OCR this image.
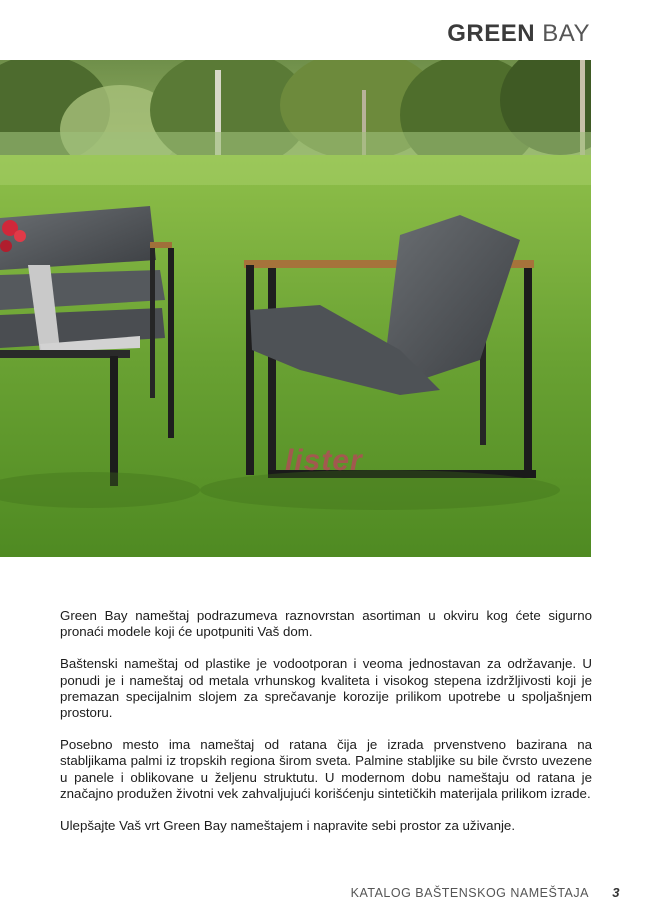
GREEN BAY
lister

Green Bay nameštaj podrazumeva raznovrstan asortiman u okviru kog ćete sigurno pronaći modele koji će upotpuniti Vaš dom.

Baštenski nameštaj od plastike je vodootporan i veoma jednostavan za održavanje. U ponudi je i nameštaj od metala vrhunskog kvaliteta i visokog stepena izdržljivosti koji je premazan specijalnim slojem za sprečavanje korozije prilikom upotrebe u spoljašnjem prostoru.

Posebno mesto ima nameštaj od ratana čija je izrada prvenstveno bazirana na stabljikama palmi iz tropskih regiona širom sveta. Palmine stabljike su bile čvrsto uvezene u panele i oblikovane u željenu struktutu. U modernom dobu nameštaju od ratana je značajno produžen životni vek zahvaljujući korišćenju sintetičkih materijala prilikom izrade.

Ulepšajte Vaš vrt Green Bay nameštajem i napravite sebi prostor za uživanje.

KATALOG BAŠTENSKOG NAMEŠTAJA 3
